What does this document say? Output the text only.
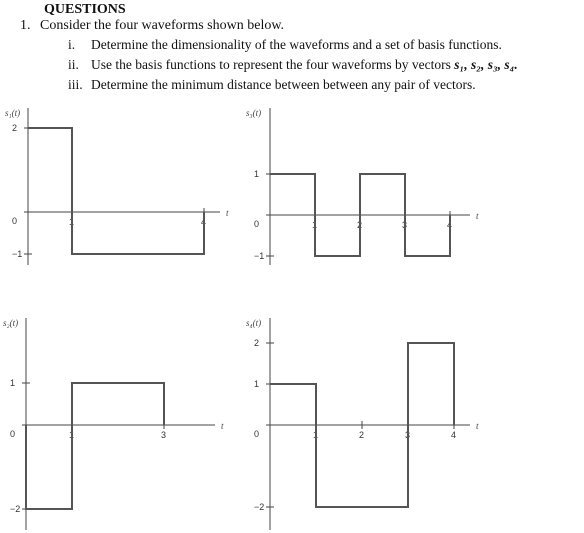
QUESTIONS
1. Consider the four waveforms shown below.
i. Determine the dimensionality of the waveforms and a set of basis functions.
ii. Use the basis functions to represent the four waveforms by vectors s₁, s₂, s₃, s₄.
iii. Determine the minimum distance between between any pair of vectors.
s₁(t)
t
1	4
2
0
−1
s₂(t)
t
1	3
1
0
−2
s₃(t)
t
1	2	3	4
1
0
−1
s₄(t)
t
1	2	3	4
2
1
0
−2
